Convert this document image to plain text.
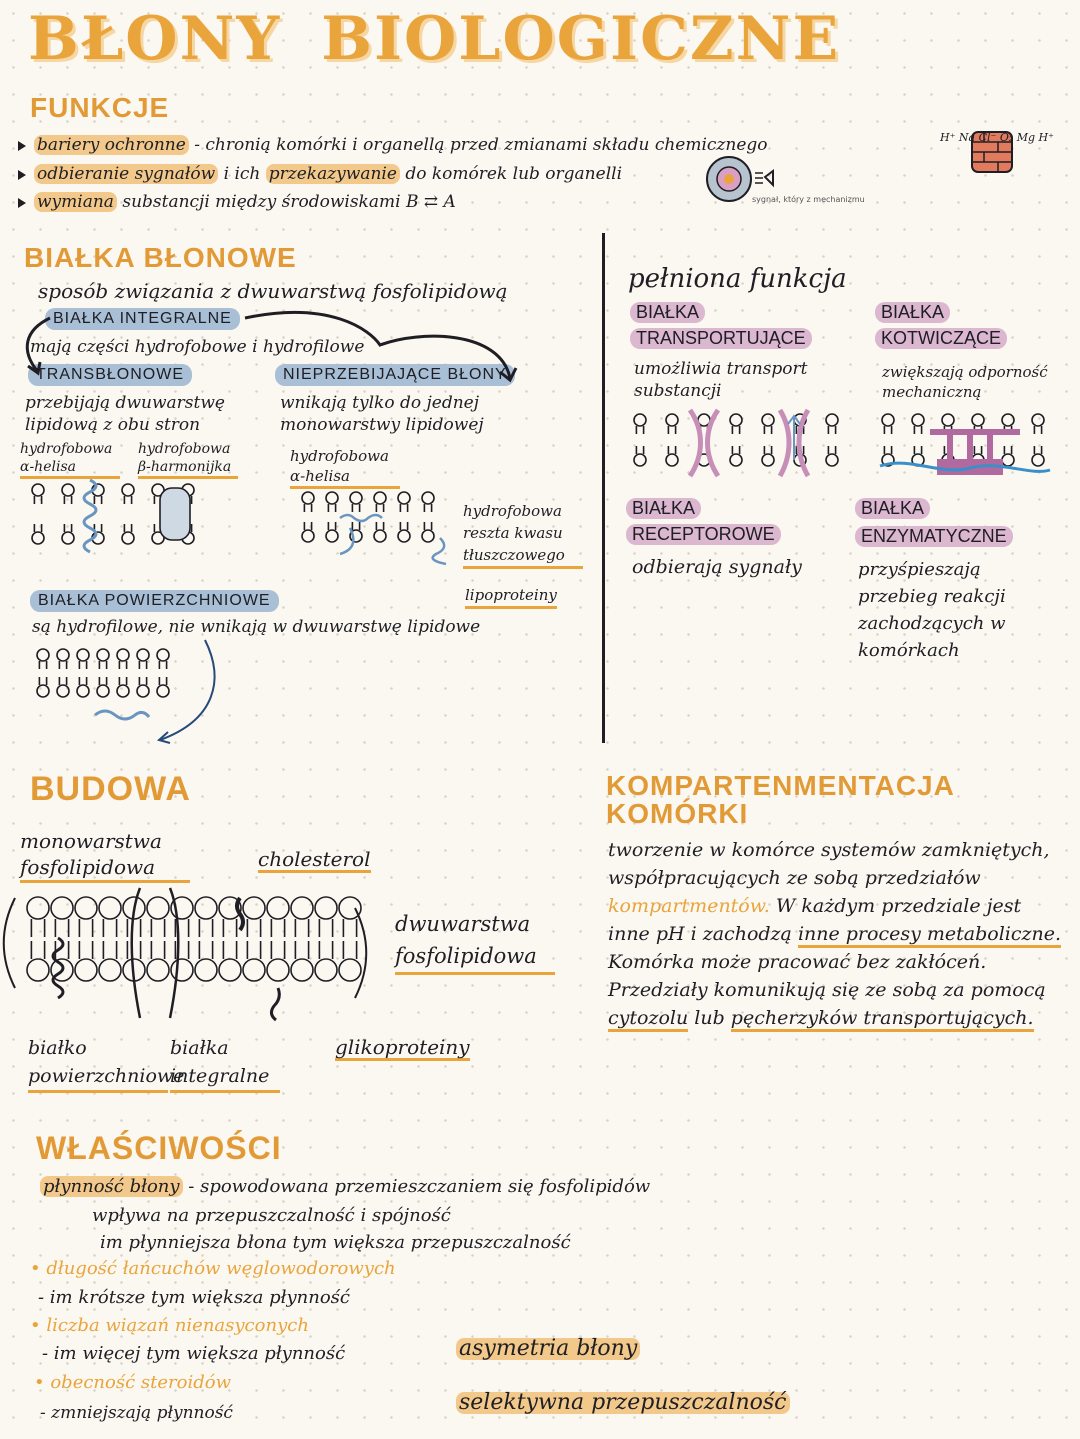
BŁONY BIOLOGICZNE
FUNKCJE
bariery ochronne - chronią komórki i organellą przed zmianami składu chemicznego
odbieranie sygnałów i ich przekazywanie do komórek lub organelli
wymiana substancji między środowiskami B ⇄ A	sygnał, który z mechanizmu
H⁺ Na Cl⁻ O₂ Mg H⁺
BIAŁKA BŁONOWE
sposób związania z dwuwarstwą fosfolipidową
BIAŁKA INTEGRALNE
mają części hydrofobowe i hydrofilowe
TRANSBŁONOWE
przebijają dwuwarstwę lipidową z obu stron
hydrofobowa α-helisa
hydrofobowa β-harmonijka
NIEPRZEBIJAJĄCE BŁONY
wnikają tylko do jednej monowarstwy lipidowej
hydrofobowa α-helisa
hydrofobowa reszta kwasu tłuszczowego
lipoproteiny
BIAŁKA POWIERZCHNIOWE
są hydrofilowe, nie wnikają w dwuwarstwę lipidowe
pełniona funkcja
BIAŁKA
TRANSPORTUJĄCE
umożliwia transport substancji
BIAŁKA
KOTWICZĄCE
zwiększają odporność mechaniczną
BIAŁKA
RECEPTOROWE
odbierają sygnały
BIAŁKA
ENZYMATYCZNE
przyśpieszają przebieg reakcji zachodzących w komórkach
BUDOWA
monowarstwa fosfolipidowa	cholesterol
dwuwarstwa fosfolipidowa
białko powierzchniowe
białka integralne
glikoproteiny
KOMPARTENMENTACJA
KOMÓRKI
tworzenie w komórce systemów zamkniętych, współpracujących ze sobą przedziałów kompartmentów. W każdym przedziale jest inne pH i zachodzą inne procesy metaboliczne. Komórka może pracować bez zakłóceń. Przedziały komunikują się ze sobą za pomocą cytozolu lub pęcherzyków transportujących.
WŁAŚCIWOŚCI
płynność błony - spowodowana przemieszczaniem się fosfolipidów
wpływa na przepuszczalność i spójność
im płynniejsza błona tym większa przepuszczalność
• długość łańcuchów węglowodorowych
- im krótsze tym większa płynność
• liczba wiązań nienasyconych
- im więcej tym większa płynność
• obecność steroidów
- zmniejszają płynność
asymetria błony
selektywna przepuszczalność
